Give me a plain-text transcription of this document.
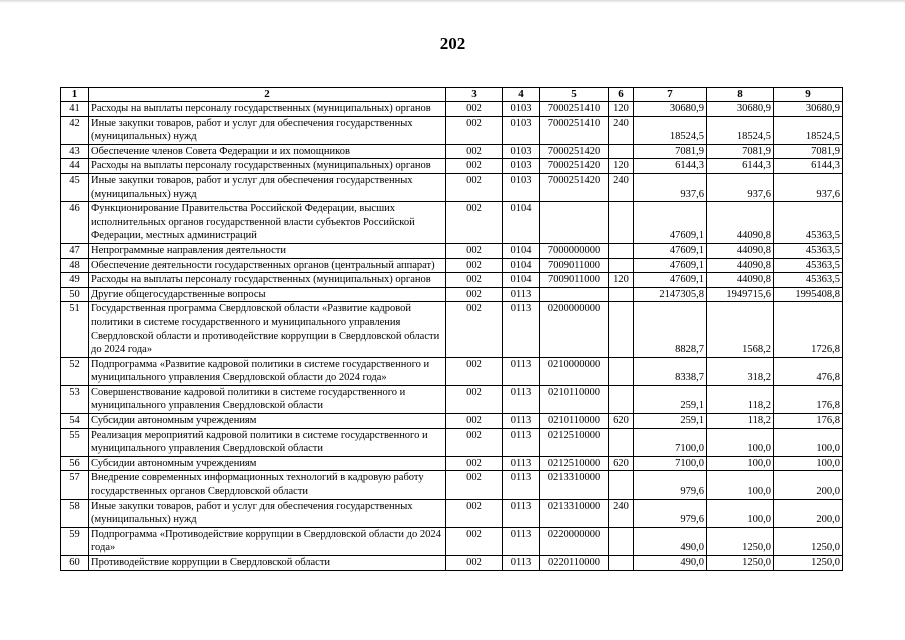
202
1	2	3	4	5	6	7	8	9
41	Расходы на выплаты персоналу государственных (муниципальных) органов	002	0103	7000251410	120	30680,9	30680,9	30680,9
42	Иные закупки товаров, работ и услуг для обеспечения государственных (муниципальных) нужд	002	0103	7000251410	240	18524,5	18524,5	18524,5
43	Обеспечение членов Совета Федерации и их помощников	002	0103	7000251420		7081,9	7081,9	7081,9
44	Расходы на выплаты персоналу государственных (муниципальных) органов	002	0103	7000251420	120	6144,3	6144,3	6144,3
45	Иные закупки товаров, работ и услуг для обеспечения государственных (муниципальных) нужд	002	0103	7000251420	240	937,6	937,6	937,6
46	Функционирование Правительства Российской Федерации, высших исполнительных органов государственной власти субъектов Российской Федерации, местных администраций	002	0104			47609,1	44090,8	45363,5
47	Непрограммные направления деятельности	002	0104	7000000000		47609,1	44090,8	45363,5
48	Обеспечение деятельности государственных органов (центральный аппарат)	002	0104	7009011000		47609,1	44090,8	45363,5
49	Расходы на выплаты персоналу государственных (муниципальных) органов	002	0104	7009011000	120	47609,1	44090,8	45363,5
50	Другие общегосударственные вопросы	002	0113			2147305,8	1949715,6	1995408,8
51	Государственная программа Свердловской области «Развитие кадровой политики в системе государственного и муниципального управления Свердловской области и противодействие коррупции в Свердловской области до 2024 года»	002	0113	0200000000		8828,7	1568,2	1726,8
52	Подпрограмма «Развитие кадровой политики в системе государственного и муниципального управления Свердловской области до 2024 года»	002	0113	0210000000		8338,7	318,2	476,8
53	Совершенствование кадровой политики в системе государственного и муниципального управления Свердловской области	002	0113	0210110000		259,1	118,2	176,8
54	Субсидии автономным учреждениям	002	0113	0210110000	620	259,1	118,2	176,8
55	Реализация мероприятий кадровой политики в системе государственного и муниципального управления Свердловской области	002	0113	0212510000		7100,0	100,0	100,0
56	Субсидии автономным учреждениям	002	0113	0212510000	620	7100,0	100,0	100,0
57	Внедрение современных информационных технологий в кадровую работу государственных органов Свердловской области	002	0113	0213310000		979,6	100,0	200,0
58	Иные закупки товаров, работ и услуг для обеспечения государственных (муниципальных) нужд	002	0113	0213310000	240	979,6	100,0	200,0
59	Подпрограмма «Противодействие коррупции в Свердловской области до 2024 года»	002	0113	0220000000		490,0	1250,0	1250,0
60	Противодействие коррупции в Свердловской области	002	0113	0220110000		490,0	1250,0	1250,0
